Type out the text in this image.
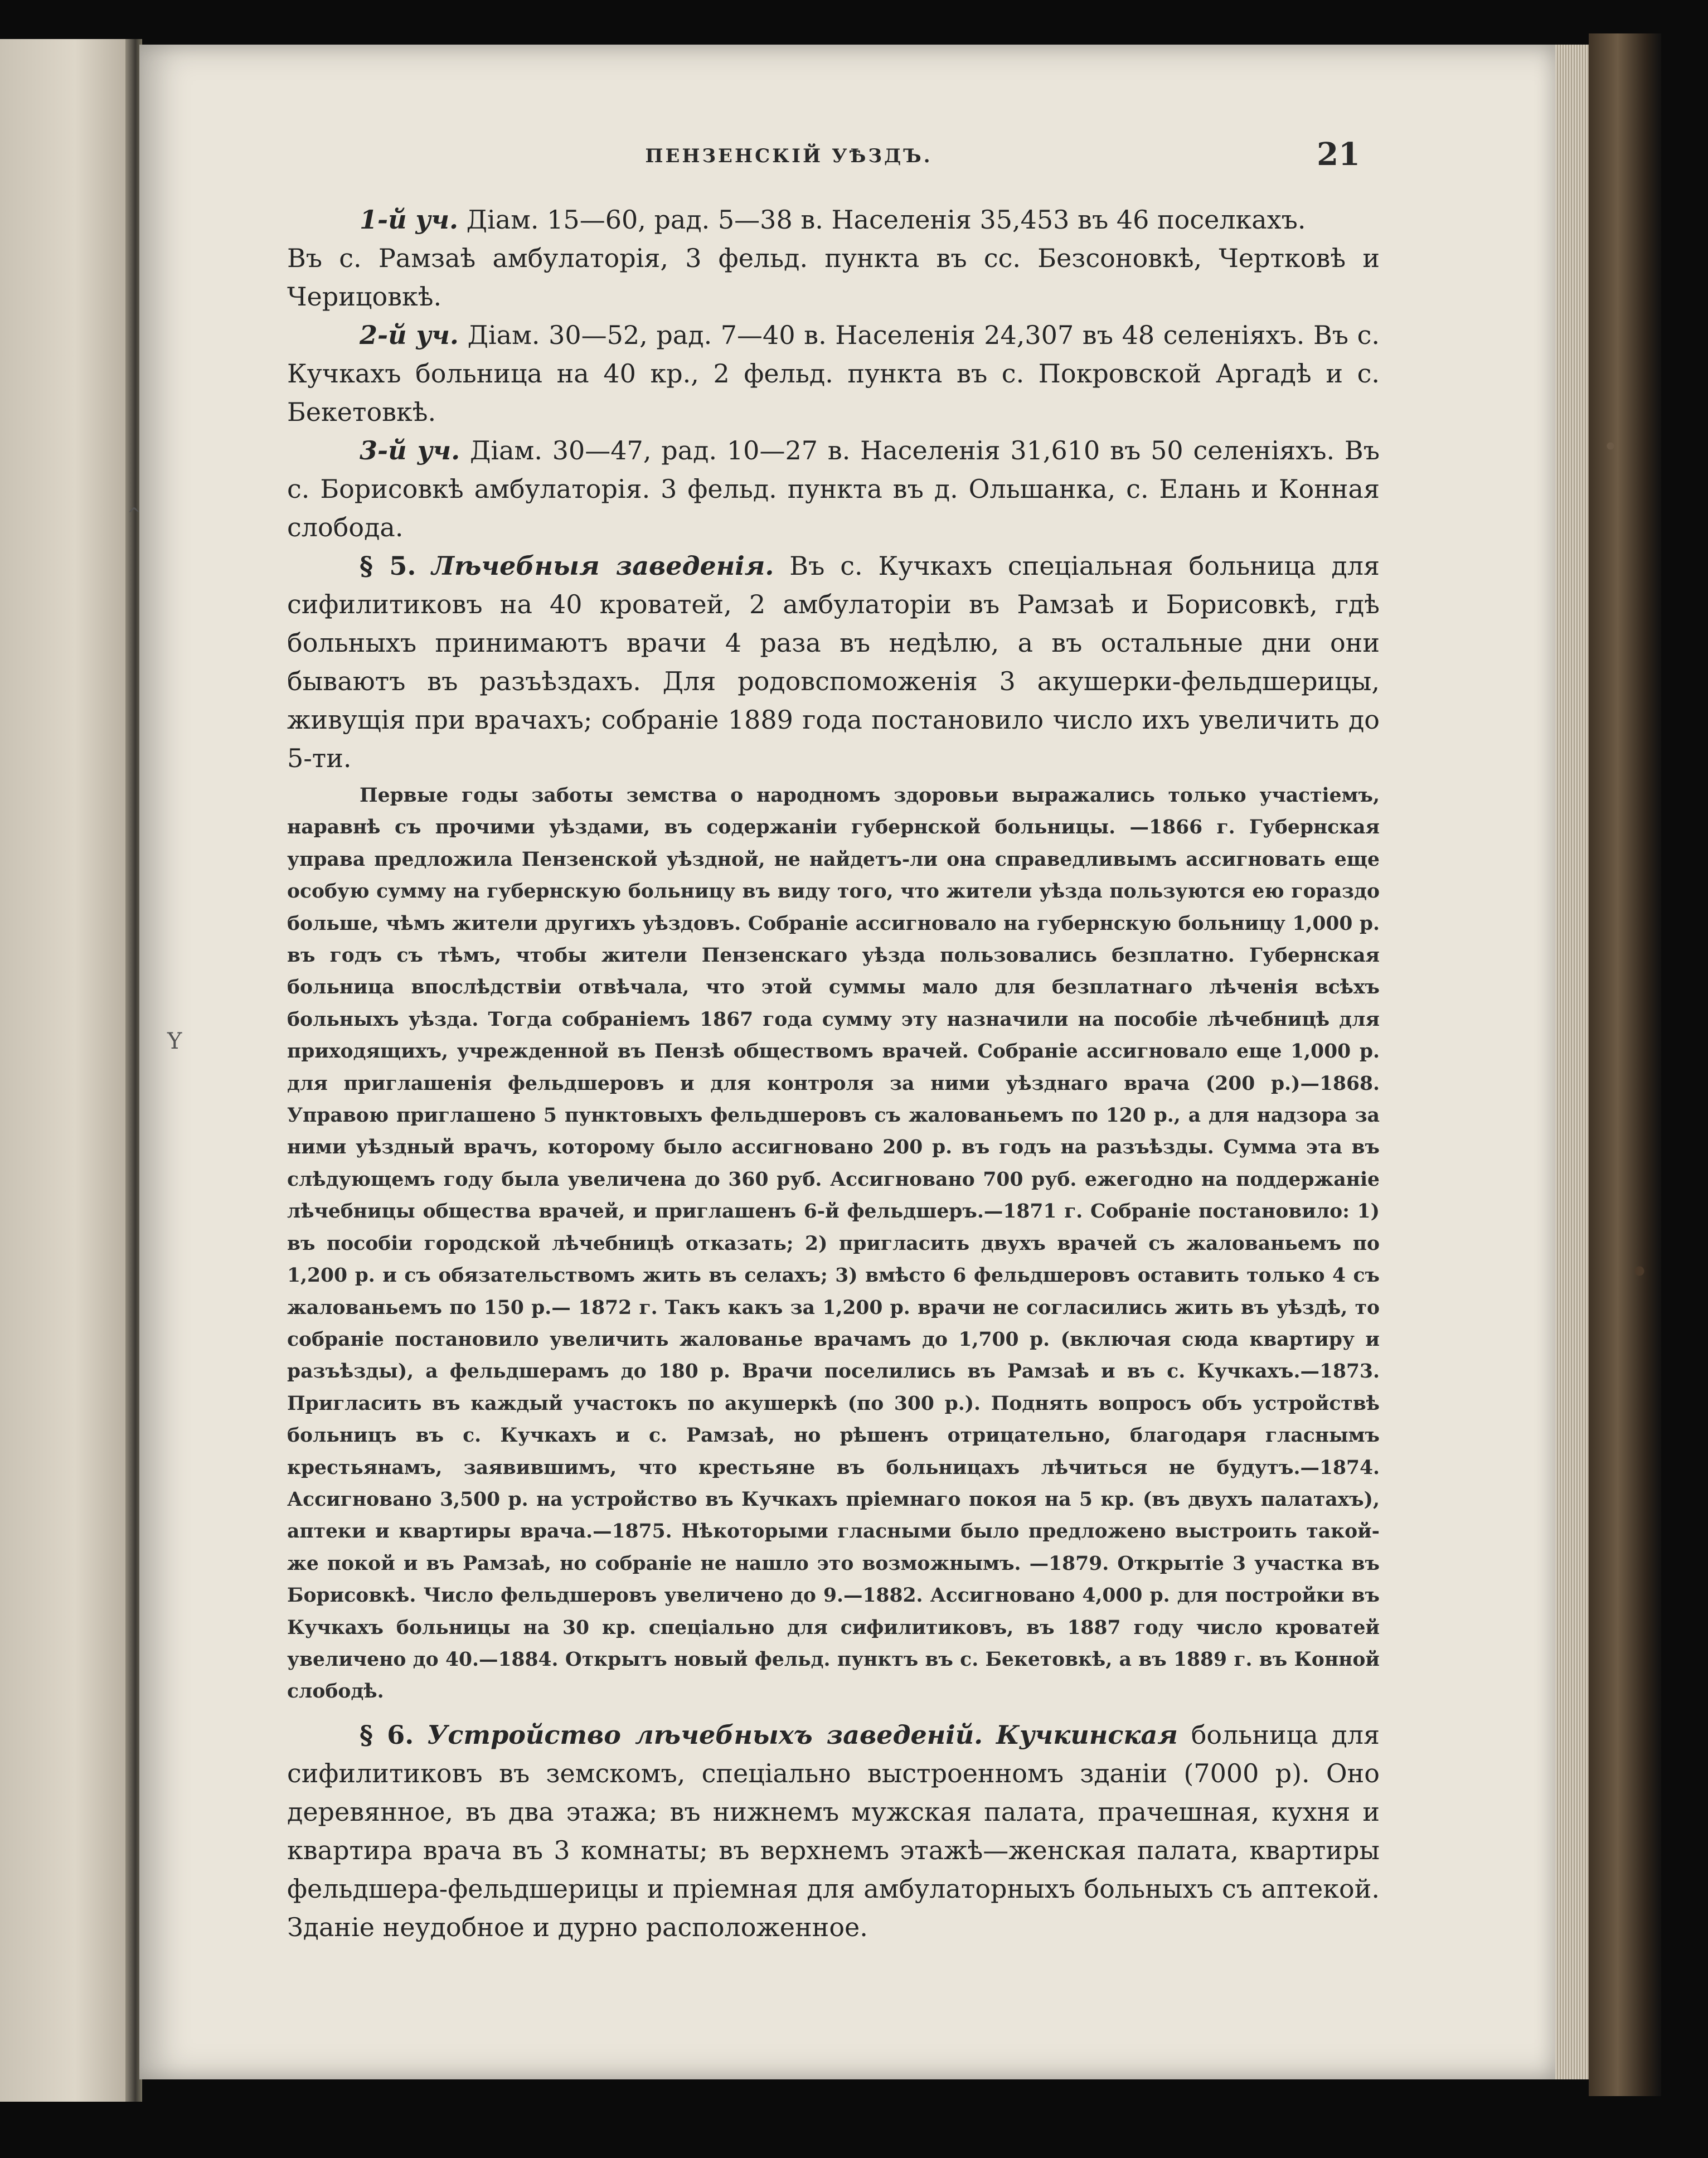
ПЕНЗЕНСКІЙ УѢЗДЪ.	21
Y
^

1-й уч. Діам. 15—60, рад. 5—38 в. Населенія 35,453 въ 46 поселкахъ.

Въ с. Рамзаѣ амбулаторія, 3 фельд. пункта въ сс. Безсоновкѣ, Чертковѣ и Черицовкѣ.

2-й уч. Діам. 30—52, рад. 7—40 в. Населенія 24,307 въ 48 селеніяхъ. Въ с. Кучкахъ больница на 40 кр., 2 фельд. пункта въ с. Покровской Аргадѣ и с. Бекетовкѣ.

3-й уч. Діам. 30—47, рад. 10—27 в. Населенія 31,610 въ 50 селеніяхъ. Въ с. Борисовкѣ амбулаторія. 3 фельд. пункта въ д. Ольшанка, с. Елань и Конная слобода.

§ 5. Лѣчебныя заведенія. Въ с. Кучкахъ спеціальная больница для сифилитиковъ на 40 кроватей, 2 амбулаторіи въ Рамзаѣ и Борисовкѣ, гдѣ больныхъ принимаютъ врачи 4 раза въ недѣлю, а въ остальные дни они бываютъ въ разъѣздахъ. Для родовспоможенія 3 акушерки-фельдшерицы, живущія при врачахъ; собраніе 1889 года постановило число ихъ увеличить до 5-ти.

Первые годы заботы земства о народномъ здоровьи выражались только участіемъ, наравнѣ съ прочими уѣздами, въ содержаніи губернской больницы. —1866 г. Губернская управа предложила Пензенской уѣздной, не найдетъ-ли она справедливымъ ассигновать еще особую сумму на губернскую больницу въ виду того, что жители уѣзда пользуются ею гораздо больше, чѣмъ жители другихъ уѣздовъ. Собраніе ассигновало на губернскую больницу 1,000 р. въ годъ съ тѣмъ, чтобы жители Пензенскаго уѣзда пользовались безплатно. Губернская больница впослѣдствіи отвѣчала, что этой суммы мало для безплатнаго лѣченія всѣхъ больныхъ уѣзда. Тогда собраніемъ 1867 года сумму эту назначили на пособіе лѣчебницѣ для приходящихъ, учрежденной въ Пензѣ обществомъ врачей. Собраніе ассигновало еще 1,000 р. для приглашенія фельдшеровъ и для контроля за ними уѣзднаго врача (200 р.)—1868. Управою приглашено 5 пунктовыхъ фельдшеровъ съ жалованьемъ по 120 р., а для надзора за ними уѣздный врачъ, которому было ассигновано 200 р. въ годъ на разъѣзды. Сумма эта въ слѣдующемъ году была увеличена до 360 руб. Ассигновано 700 руб. ежегодно на поддержаніе лѣчебницы общества врачей, и приглашенъ 6-й фельдшеръ.—1871 г. Собраніе постановило: 1) въ пособіи городской лѣчебницѣ отказать; 2) пригласить двухъ врачей съ жалованьемъ по 1,200 р. и съ обязательствомъ жить въ селахъ; 3) вмѣсто 6 фельдшеровъ оставить только 4 съ жалованьемъ по 150 р.— 1872 г. Такъ какъ за 1,200 р. врачи не согласились жить въ уѣздѣ, то собраніе постановило увеличить жалованье врачамъ до 1,700 р. (включая сюда квартиру и разъѣзды), а фельдшерамъ до 180 р. Врачи поселились въ Рамзаѣ и въ с. Кучкахъ.—1873. Пригласить въ каждый участокъ по акушеркѣ (по 300 р.). Поднять вопросъ объ устройствѣ больницъ въ с. Кучкахъ и с. Рамзаѣ, но рѣшенъ отрицательно, благодаря гласнымъ крестьянамъ, заявившимъ, что крестьяне въ больницахъ лѣчиться не будутъ.—1874. Ассигновано 3,500 р. на устройство въ Кучкахъ пріемнаго покоя на 5 кр. (въ двухъ палатахъ), аптеки и квартиры врача.—1875. Нѣкоторыми гласными было предложено выстроить такой-же покой и въ Рамзаѣ, но собраніе не нашло это возможнымъ. —1879. Открытіе 3 участка въ Борисовкѣ. Число фельдшеровъ увеличено до 9.—1882. Ассигновано 4,000 р. для постройки въ Кучкахъ больницы на 30 кр. спеціально для сифилитиковъ, въ 1887 году число кроватей увеличено до 40.—1884. Открытъ новый фельд. пунктъ въ с. Бекетовкѣ, а въ 1889 г. въ Конной слободѣ.

§ 6. Устройство лѣчебныхъ заведеній. Кучкинская больница для сифилитиковъ въ земскомъ, спеціально выстроенномъ зданіи (7000 р). Оно деревянное, въ два этажа; въ нижнемъ мужская палата, прачешная, кухня и квартира врача въ 3 комнаты; въ верхнемъ этажѣ—женская палата, квартиры фельдшера-фельдшерицы и пріемная для амбулаторныхъ больныхъ съ аптекой. Зданіе неудобное и дурно расположенное.
